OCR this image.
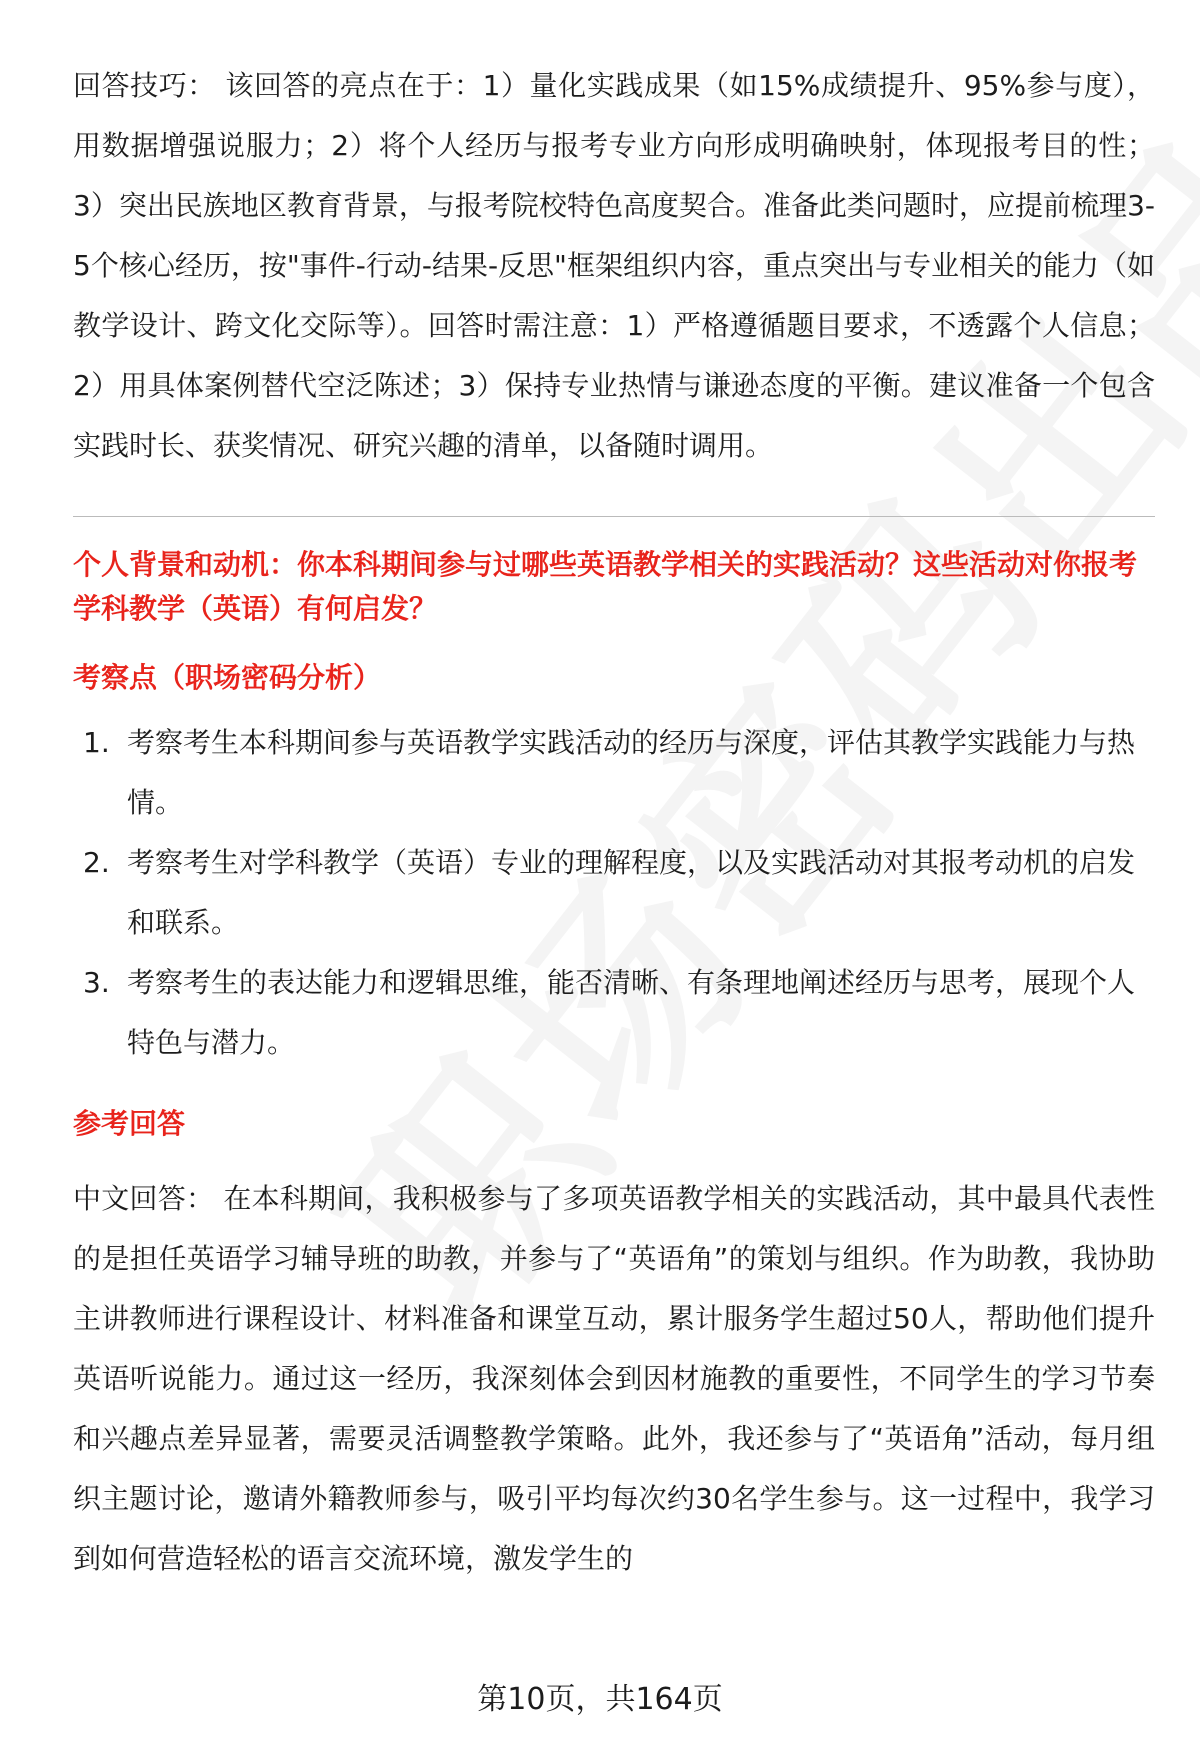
回答技巧： 该回答的亮点在于：1）量化实践成果（如15%成绩提升、95%参与度），用数据增强说服力；2）将个人经历与报考专业方向形成明确映射，体现报考目的性；3）突出民族地区教育背景，与报考院校特色高度契合。准备此类问题时，应提前梳理3-5个核心经历，按"事件-行动-结果-反思"框架组织内容，重点突出与专业相关的能力（如教学设计、跨文化交际等）。回答时需注意：1）严格遵循题目要求，不透露个人信息；2）用具体案例替代空泛陈述；3）保持专业热情与谦逊态度的平衡。建议准备一个包含实践时长、获奖情况、研究兴趣的清单，以备随时调用。

个人背景和动机：你本科期间参与过哪些英语教学相关的实践活动？这些活动对你报考学科教学（英语）有何启发？

考察点（职场密码分析）
1. 考察考生本科期间参与英语教学实践活动的经历与深度，评估其教学实践能力与热情。
2. 考察考生对学科教学（英语）专业的理解程度，以及实践活动对其报考动机的启发和联系。
3. 考察考生的表达能力和逻辑思维，能否清晰、有条理地阐述经历与思考，展现个人特色与潜力。
参考回答

中文回答： 在本科期间，我积极参与了多项英语教学相关的实践活动，其中最具代表性的是担任英语学习辅导班的助教，并参与了“英语角”的策划与组织。作为助教，我协助主讲教师进行课程设计、材料准备和课堂互动，累计服务学生超过50人，帮助他们提升英语听说能力。通过这一经历，我深刻体会到因材施教的重要性，不同学生的学习节奏和兴趣点差异显著，需要灵活调整教学策略。此外，我还参与了“英语角”活动，每月组织主题讨论，邀请外籍教师参与，吸引平均每次约30名学生参与。这一过程中，我学习到如何营造轻松的语言交流环境，激发学生的

第10页，共164页
